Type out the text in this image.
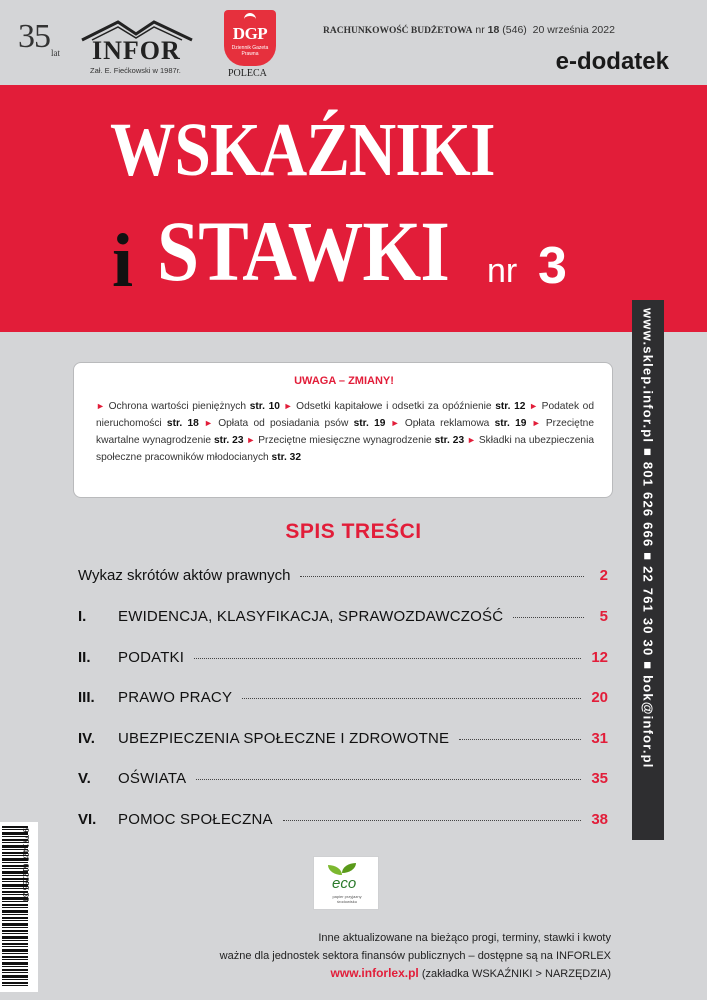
35 lat INFOR
Zał. E. Fiećkowski w 1987r.
DGP
Dziennik Gazeta Prawna
POLECA
RACHUNKOWOŚĆ BUDŻETOWA nr 18 (546) 20 września 2022
e-dodatek
WSKAŹNIKI
i STAWKI nr 3
www.sklep.infor.pl ■ 801 626 666 ■ 22 761 30 30 ■ bok@infor.pl
UWAGA – ZMIANY!
► Ochrona wartości pieniężnych str. 10 ► Odsetki kapitałowe i odsetki za opóźnienie str. 12 ► Podatek od nieruchomości str. 18 ► Opłata od posiadania psów str. 19 ► Opłata reklamowa str. 19 ► Przeciętne kwartalne wynagrodzenie str. 23 ► Przeciętne miesięczne wynagrodzenie str. 23 ► Składki na ubezpieczenia społeczne pracowników młodocianych str. 32
SPIS TREŚCI
Wykaz skrótów aktów prawnych	2
I.	EWIDENCJA, KLASYFIKACJA, SPRAWOZDAWCZOŚĆ	5
II.	PODATKI	12
III.	PRAWO PRACY	20
IV.	UBEZPIECZENIA SPOŁECZNE I ZDROWOTNE	31
V.	OŚWIATA	35
VI.	POMOC SPOŁECZNA	38
9 771428 612255 38	eco
papier przyjazny środowisku
Inne aktualizowane na bieżąco progi, terminy, stawki i kwoty
ważne dla jednostek sektora finansów publicznych – dostępne są na INFORLEX
www.inforlex.pl (zakładka WSKAŹNIKI > NARZĘDZIA)
